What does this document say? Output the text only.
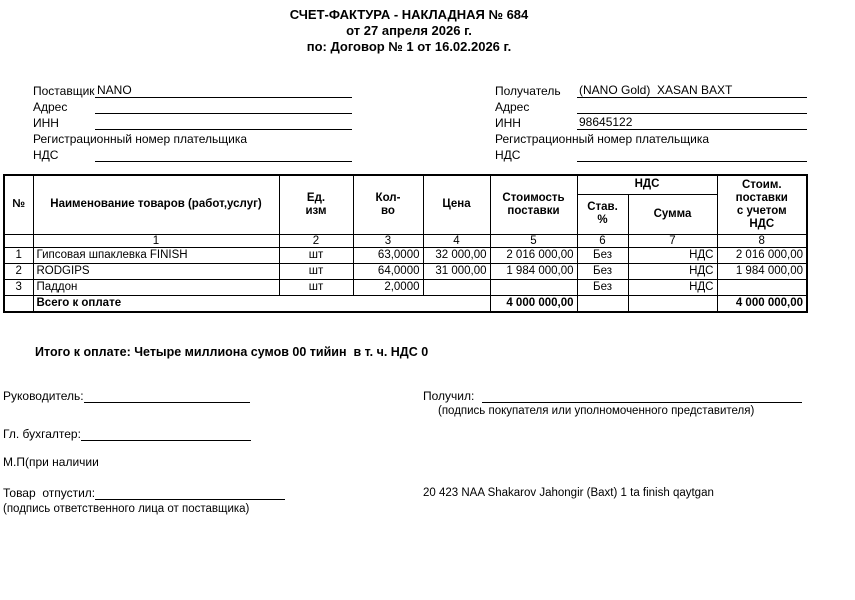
СЧЕТ-ФАКТУРА - НАКЛАДНАЯ № 684
от 27 апреля 2026 г.
по: Договор № 1 от 16.02.2026 г.
Поставщик NANO
Адрес
ИНН
Регистрационный номер плательщика
НДС
Получатель	(NANO Gold)  XASAN BAXT
Адрес
ИНН	98645122
Регистрационный номер плательщика
НДС
№	Наименование товаров (работ,услуг)	Ед.
изм	Кол-
во	Цена	Стоимость
поставки	НДС		Стоим.
поставки
с учетом
НДС
						Став. %	Сумма	
	1	2	3	4	5	6	7	8
1	Гипсовая шпаклевка FINISH	шт	63,0000	32 000,00	2 016 000,00	Без	НДС	2 016 000,00
2	RODGIPS	шт	64,0000	31 000,00	1 984 000,00	Без	НДС	1 984 000,00
3	Паддон	шт	2,0000			Без	НДС	
	Всего к оплате				4 000 000,00			4 000 000,00
Итого к оплате: Четыре миллиона сумов 00 тийин  в т. ч. НДС 0
Руководитель:	Получил:
(подпись покупателя или уполномоченного представителя)
Гл. бухгалтер:
М.П(при наличии
Товар  отпустил:
(подпись ответственного лица от поставщика)
20 423 NAA Shakarov Jahongir (Baxt) 1 ta finish qaytgan
